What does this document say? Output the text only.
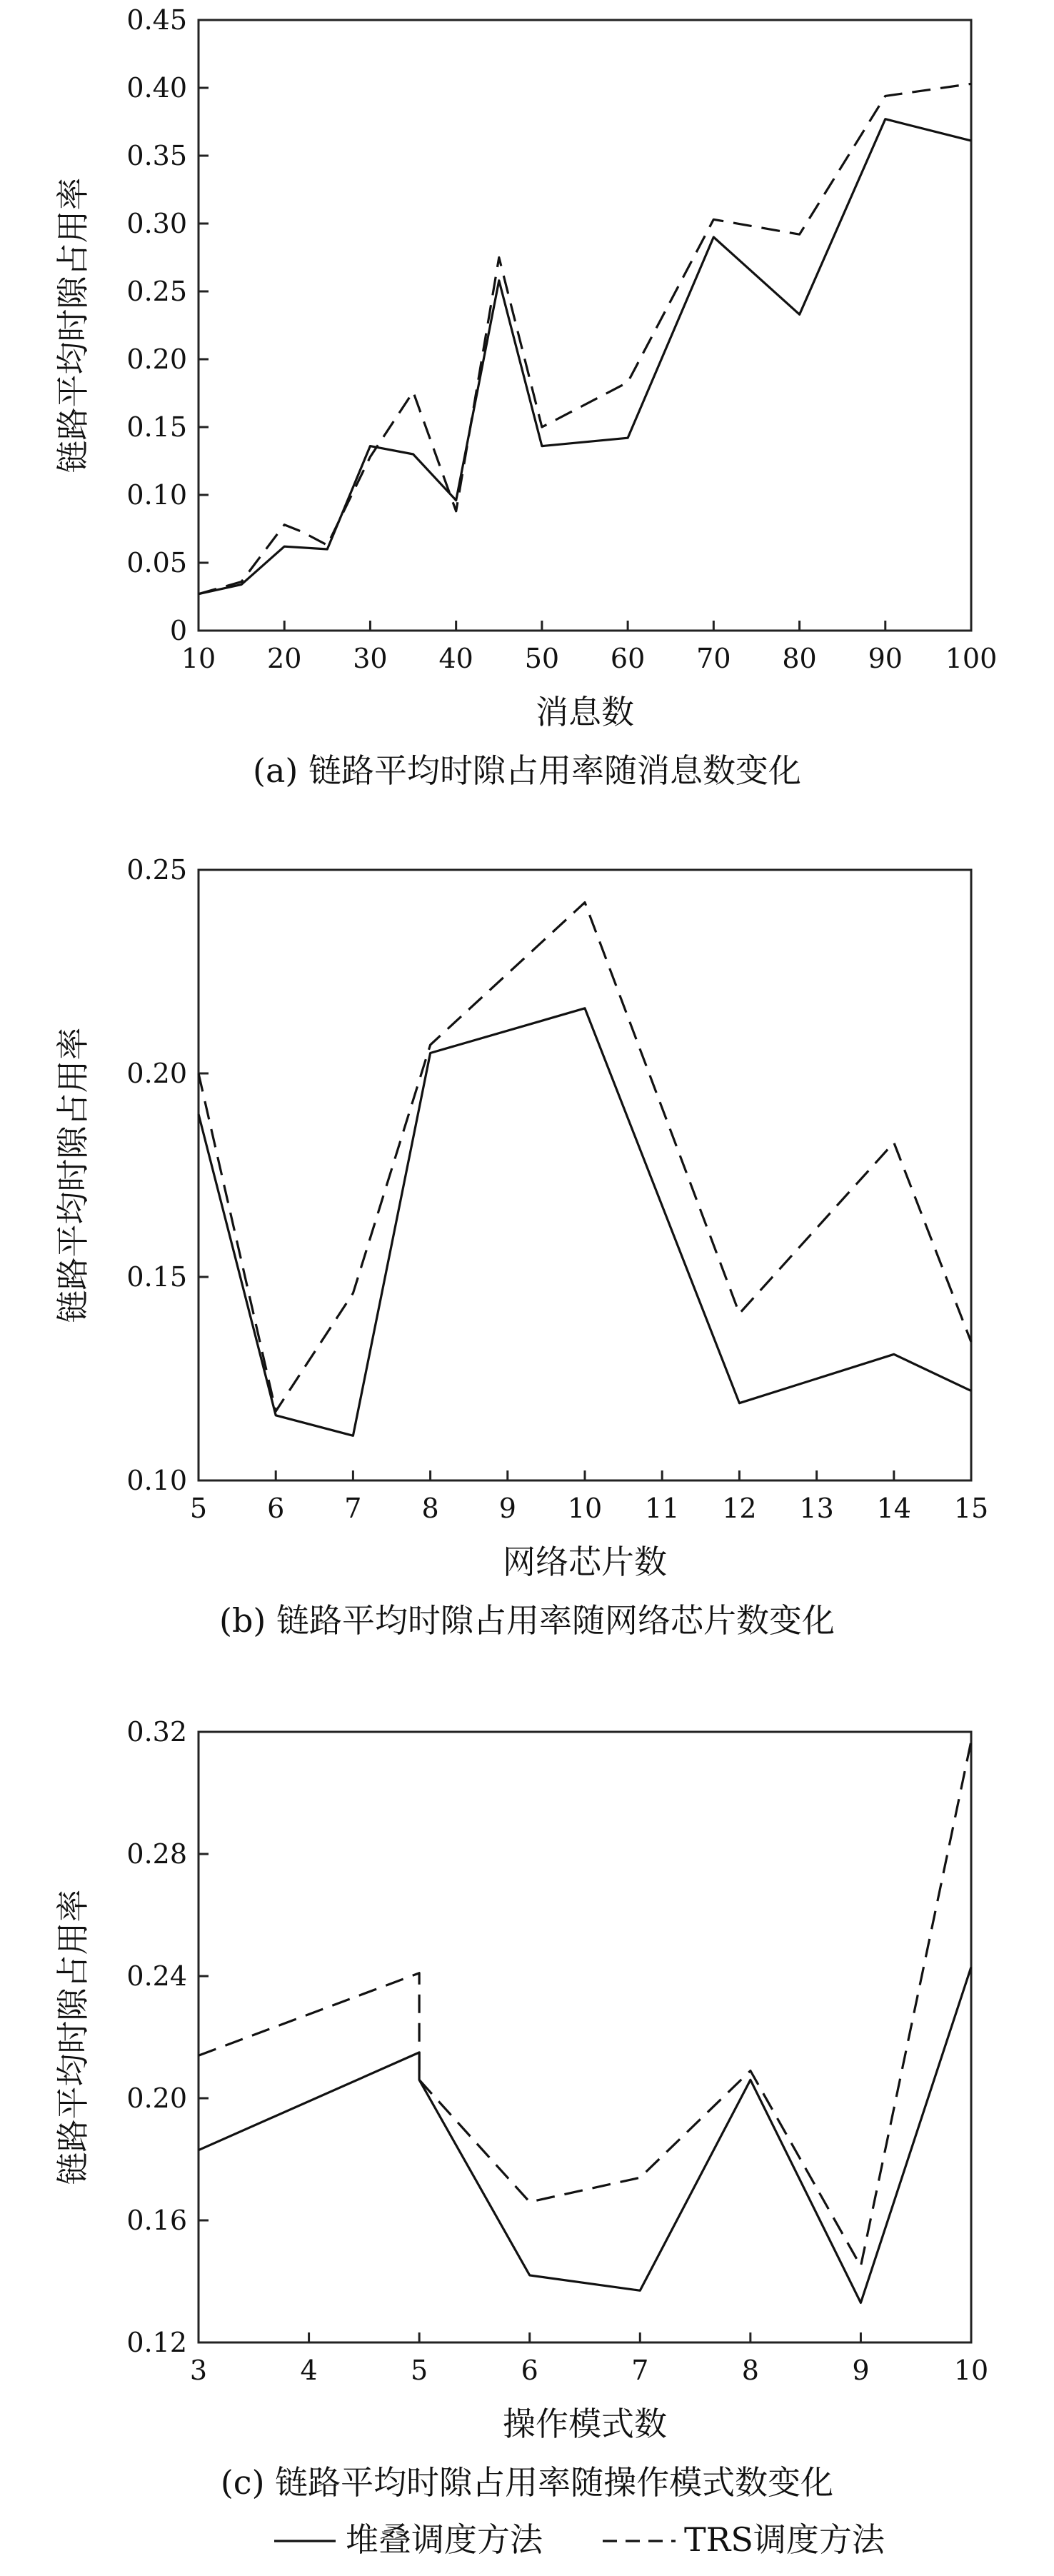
0
0.05
0.10
0.15
0.20
0.25
0.30
0.35
0.40
0.45
10 20 30 40 50 60 70 80 90 100
消息数
链路平均时隙占用率
(a) 链路平均时隙占用率随消息数变化
0.10
0.15
0.20
0.25
5 6 7 8 9 10 11 12 13 14 15
网络芯片数
链路平均时隙占用率
(b) 链路平均时隙占用率随网络芯片数变化
0.12
0.16
0.20
0.24
0.28
0.32
3	4	5	6	7	8	9	10
操作模式数
链路平均时隙占用率
(c) 链路平均时隙占用率随操作模式数变化
堆叠调度方法	TRS调度方法
